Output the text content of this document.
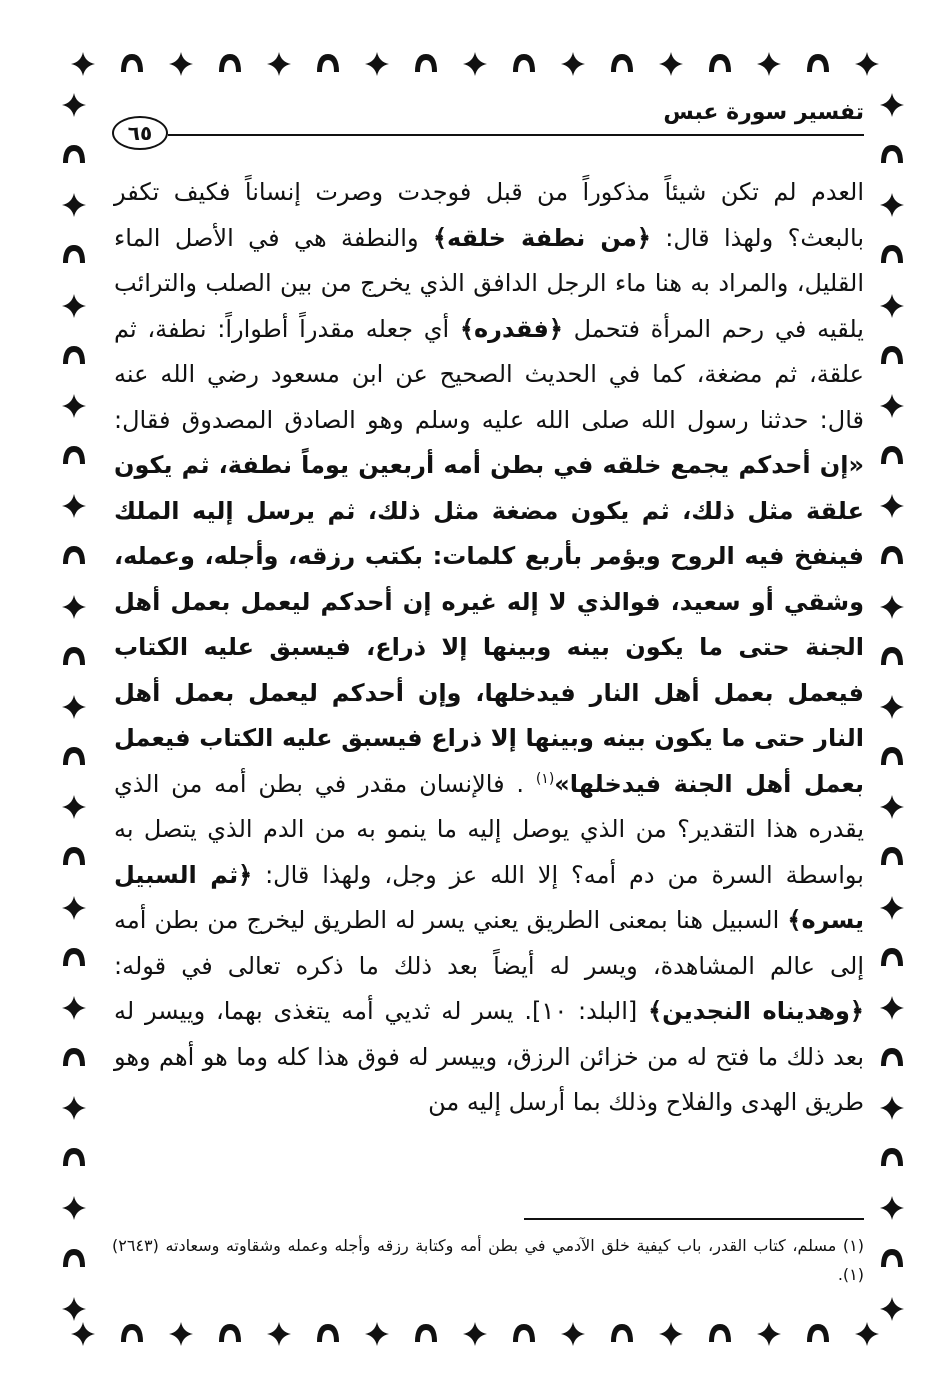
تفسير سورة عبس
٦٥
العدم لم تكن شيئاً مذكوراً من قبل فوجدت وصرت إنساناً فكيف تكفر بالبعث؟ ولهذا قال: ﴿من نطفة خلقه﴾ والنطفة هي في الأصل الماء القليل، والمراد به هنا ماء الرجل الدافق الذي يخرج من بين الصلب والترائب يلقيه في رحم المرأة فتحمل ﴿فقدره﴾ أي جعله مقدراً أطواراً: نطفة، ثم علقة، ثم مضغة، كما في الحديث الصحيح عن ابن مسعود رضي الله عنه قال: حدثنا رسول الله صلى الله عليه وسلم وهو الصادق المصدوق فقال: «إن أحدكم يجمع خلقه في بطن أمه أربعين يوماً نطفة، ثم يكون علقة مثل ذلك، ثم يكون مضغة مثل ذلك، ثم يرسل إليه الملك فينفخ فيه الروح ويؤمر بأربع كلمات: بكتب رزقه، وأجله، وعمله، وشقي أو سعيد، فوالذي لا إله غيره إن أحدكم ليعمل بعمل أهل الجنة حتى ما يكون بينه وبينها إلا ذراع، فيسبق عليه الكتاب فيعمل بعمل أهل النار فيدخلها، وإن أحدكم ليعمل بعمل أهل النار حتى ما يكون بينه وبينها إلا ذراع فيسبق عليه الكتاب فيعمل بعمل أهل الجنة فيدخلها»$^{(١)}$ . فالإنسان مقدر في بطن أمه من الذي يقدره هذا التقدير؟ من الذي يوصل إليه ما ينمو به من الدم الذي يتصل به بواسطة السرة من دم أمه؟ إلا الله عز وجل، ولهذا قال: ﴿ثم السبيل يسره﴾ السبيل هنا بمعنى الطريق يعني يسر له الطريق ليخرج من بطن أمه إلى عالم المشاهدة، ويسر له أيضاً بعد ذلك ما ذكره تعالى في قوله: ﴿وهديناه النجدين﴾ [البلد: ١٠]. يسر له ثديي أمه يتغذى بهما، وييسر له بعد ذلك ما فتح له من خزائن الرزق، وييسر له فوق هذا كله وما هو أهم وهو طريق الهدى والفلاح وذلك بما أرسل إليه من
(١) مسلم، كتاب القدر، باب كيفية خلق الآدمي في بطن أمه وكتابة رزقه وأجله وعمله وشقاوته وسعادته (٢٦٤٣) (١).
